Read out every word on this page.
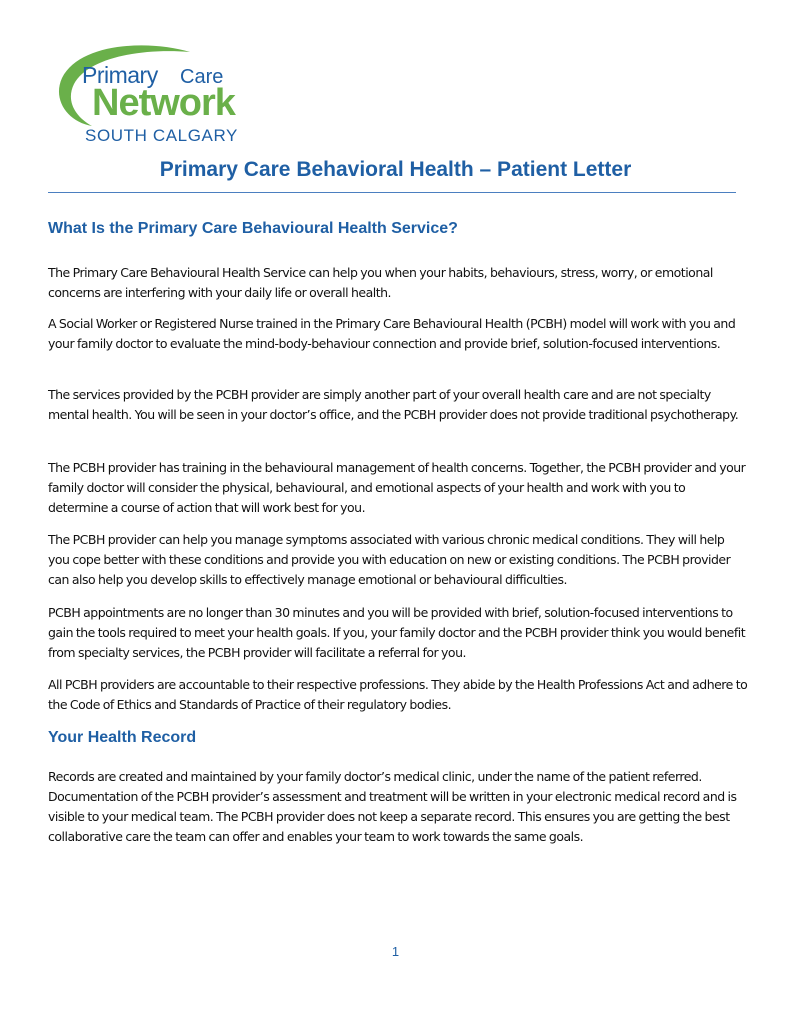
Primary Care
Network
SOUTH CALGARY
Primary Care Behavioral Health – Patient Letter
What Is the Primary Care Behavioural Health Service?
The Primary Care Behavioural Health Service can help you when your habits, behaviours, stress, worry, or emotional concerns are interfering with your daily life or overall health.
A Social Worker or Registered Nurse trained in the Primary Care Behavioural Health (PCBH) model will work with you and your family doctor to evaluate the mind-body-behaviour connection and provide brief, solution-focused interventions.
The services provided by the PCBH provider are simply another part of your overall health care and are not specialty mental health. You will be seen in your doctor’s office, and the PCBH provider does not provide traditional psychotherapy.
The PCBH provider has training in the behavioural management of health concerns. Together, the PCBH provider and your family doctor will consider the physical, behavioural, and emotional aspects of your health and work with you to determine a course of action that will work best for you.
The PCBH provider can help you manage symptoms associated with various chronic medical conditions. They will help you cope better with these conditions and provide you with education on new or existing conditions. The PCBH provider can also help you develop skills to effectively manage emotional or behavioural difficulties.
PCBH appointments are no longer than 30 minutes and you will be provided with brief, solution-focused interventions to gain the tools required to meet your health goals. If you, your family doctor and the PCBH provider think you would benefit from specialty services, the PCBH provider will facilitate a referral for you.
All PCBH providers are accountable to their respective professions. They abide by the Health Professions Act and adhere to the Code of Ethics and Standards of Practice of their regulatory bodies.
Your Health Record
Records are created and maintained by your family doctor’s medical clinic, under the name of the patient referred. Documentation of the PCBH provider’s assessment and treatment will be written in your electronic medical record and is visible to your medical team. The PCBH provider does not keep a separate record. This ensures you are getting the best collaborative care the team can offer and enables your team to work towards the same goals.
1
